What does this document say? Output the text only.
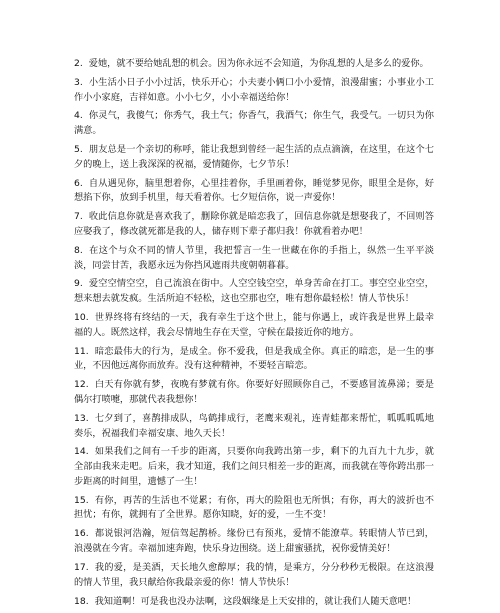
2. 爱她，就不要给她乱想的机会。因为你永远不会知道，为你乱想的人是多么的爱你。
3. 小生活小日子小小过活，快乐开心；小夫妻小俩口小小爱情，浪漫甜蜜；小事业小工作小小家庭，吉祥如意。小小七夕，小小幸福送给你！
4. 你灵气，我傻气；你秀气，我土气；你香气，我酒气；你生气，我受气。一切只为你满意。
5. 朋友总是一个亲切的称呼，能让我想到曾经一起生活的点点滴滴，在这里，在这个七夕的晚上，送上我深深的祝福，爱情随你，七夕节乐！
6. 自从遇见你，脑里想着你，心里挂着你，手里画着你，睡觉梦见你，眼里全是你，好想掐下你，放到手机里，每天看着你。七夕短信你，说一声爱你！
7. 收此信息你就是喜欢我了，删除你就是暗恋我了，回信息你就是想娶我了，不回则答应娶我了，修改就死都是我的人，储存则下辈子都归我！你就看着办吧！
8. 在这个与众不同的情人节里，我把誓言一生一世藏在你的手指上，纵然一生平平淡淡，同尝甘苦，我愿永远为你挡风遮雨共度朝朝暮暮。
9. 爱空空情空空，自己流浪在街中。人空空钱空空，单身苦命在打工。事空空业空空，想来想去就发疯。生活所迫不轻松，这也空那也空，唯有想你最轻松！情人节快乐！
10. 世界终将有终结的一天，我有幸生于这个世上，能与你遇上，或许我是世界上最幸福的人。既然这样，我会尽情地生存在天堂，守候在最接近你的地方。
11. 暗恋最伟大的行为，是成全。你不爱我，但是我成全你。真正的暗恋，是一生的事业，不因他远离你而放弃。没有这种精神，不要轻言暗恋。
12. 白天有你就有梦，夜晚有梦就有你。你要好好照顾你自己，不要感冒流鼻涕；要是偶尔打喷嚏，那就代表我想你！
13. 七夕到了，喜鹊排成队，鸟鹤排成行，老鹰来观礼，连青蛙都来帮忙，呱呱呱呱地奏乐，祝福我们幸福安康、地久天长！
14. 如果我们之间有一千步的距离，只要你向我跨出第一步，剩下的九百九十九步，就全部由我来走吧。后来，我才知道，我们之间只相差一步的距离，而我就在等你跨出那一步距离的时间里，遗憾了一生！
15. 有你，再苦的生活也不觉累；有你，再大的险阻也无所惧；有你，再大的波折也不担忧；有你，就拥有了全世界。愿你知晓，好的爱，一生不变！
16. 都说银河浩瀚，短信驾起鹊桥。缘份已有预兆，爱情不能潦草。转眼情人节已到，浪漫就在今宵。幸福加速奔跑，快乐身边围绕。送上甜蜜骚扰，祝你爱情美好！
17. 我的爱，是美酒，天长地久愈醇厚；我的情，是乘方，分分秒秒无极限。在这浪漫的情人节里，我只献给你我最亲爱的你！情人节快乐！
18. 我知道啊！可是我也没办法啊，这段姻缘是上天安排的，就让我们人随天意吧！
